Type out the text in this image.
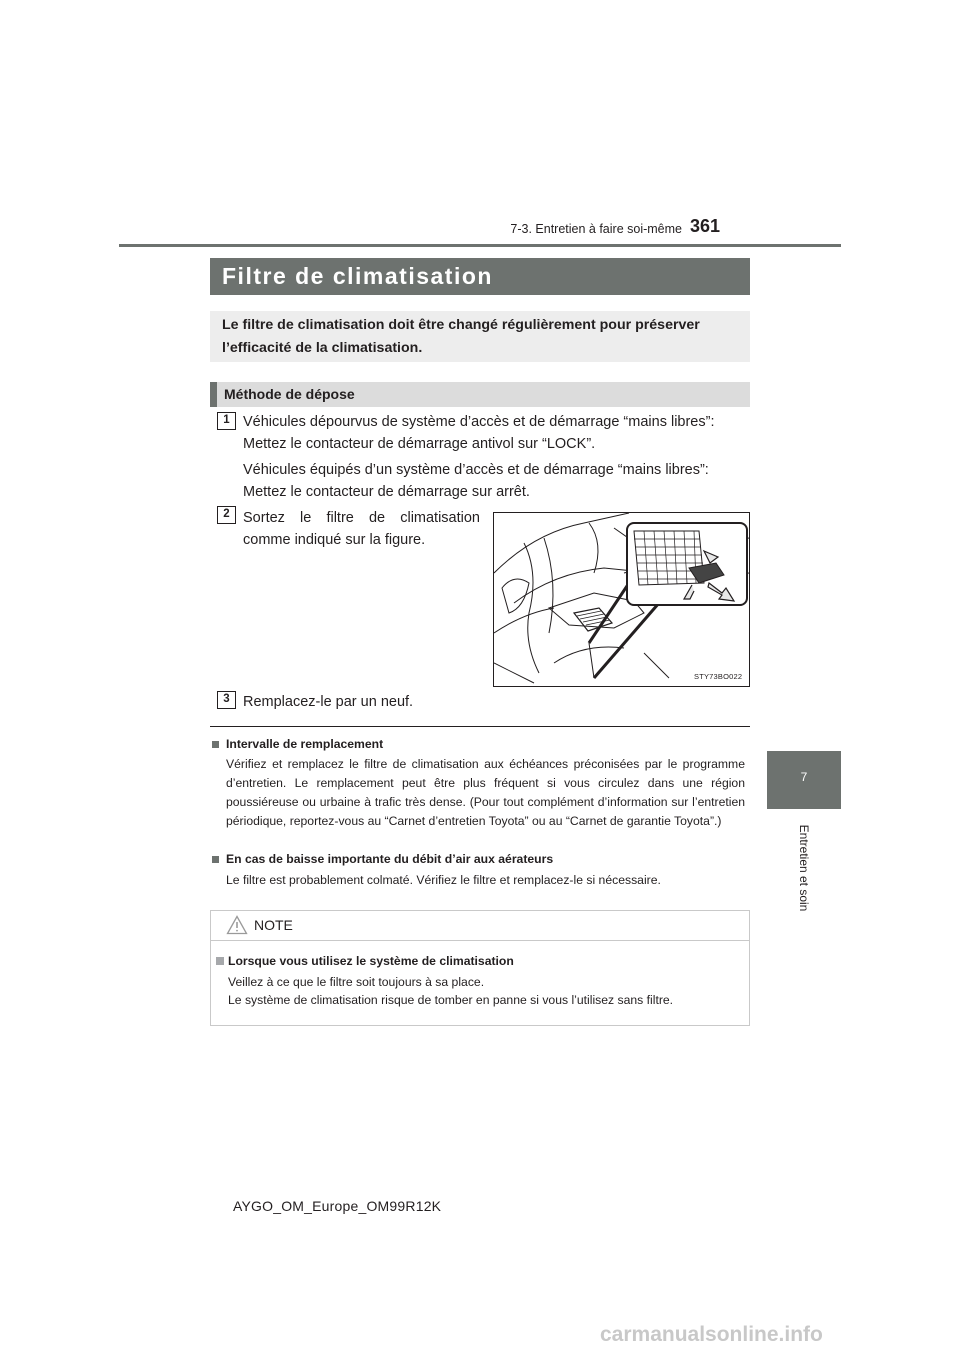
7-3. Entretien à faire soi-même 361
7
Entretien et soin
Filtre de climatisation
Le filtre de climatisation doit être changé régulièrement pour préserver l’efficacité de la climatisation.
Méthode de dépose
1 Véhicules dépourvus de système d’accès et de démarrage “mains libres”:
Mettez le contacteur de démarrage antivol sur “LOCK”.
Véhicules équipés d’un système d’accès et de démarrage “mains libres”:
Mettez le contacteur de démarrage sur arrêt.
2 Sortez le filtre de climatisation
comme indiqué sur la figure.
STY73BO022
3 Remplacez-le par un neuf.
Intervalle de remplacement
Vérifiez et remplacez le filtre de climatisation aux échéances préconisées par le programme d’entretien. Le remplacement peut être plus fréquent si vous circulez dans une région poussiéreuse ou urbaine à trafic très dense. (Pour tout complément d’information sur l’entretien périodique, reportez-vous au “Carnet d’entretien Toyota” ou au “Carnet de garantie Toyota”.)
En cas de baisse importante du débit d’air aux aérateurs
Le filtre est probablement colmaté. Vérifiez le filtre et remplacez-le si nécessaire.
NOTE
Lorsque vous utilisez le système de climatisation
Veillez à ce que le filtre soit toujours à sa place.
Le système de climatisation risque de tomber en panne si vous l’utilisez sans filtre.
AYGO_OM_Europe_OM99R12K
carmanualsonline.info
